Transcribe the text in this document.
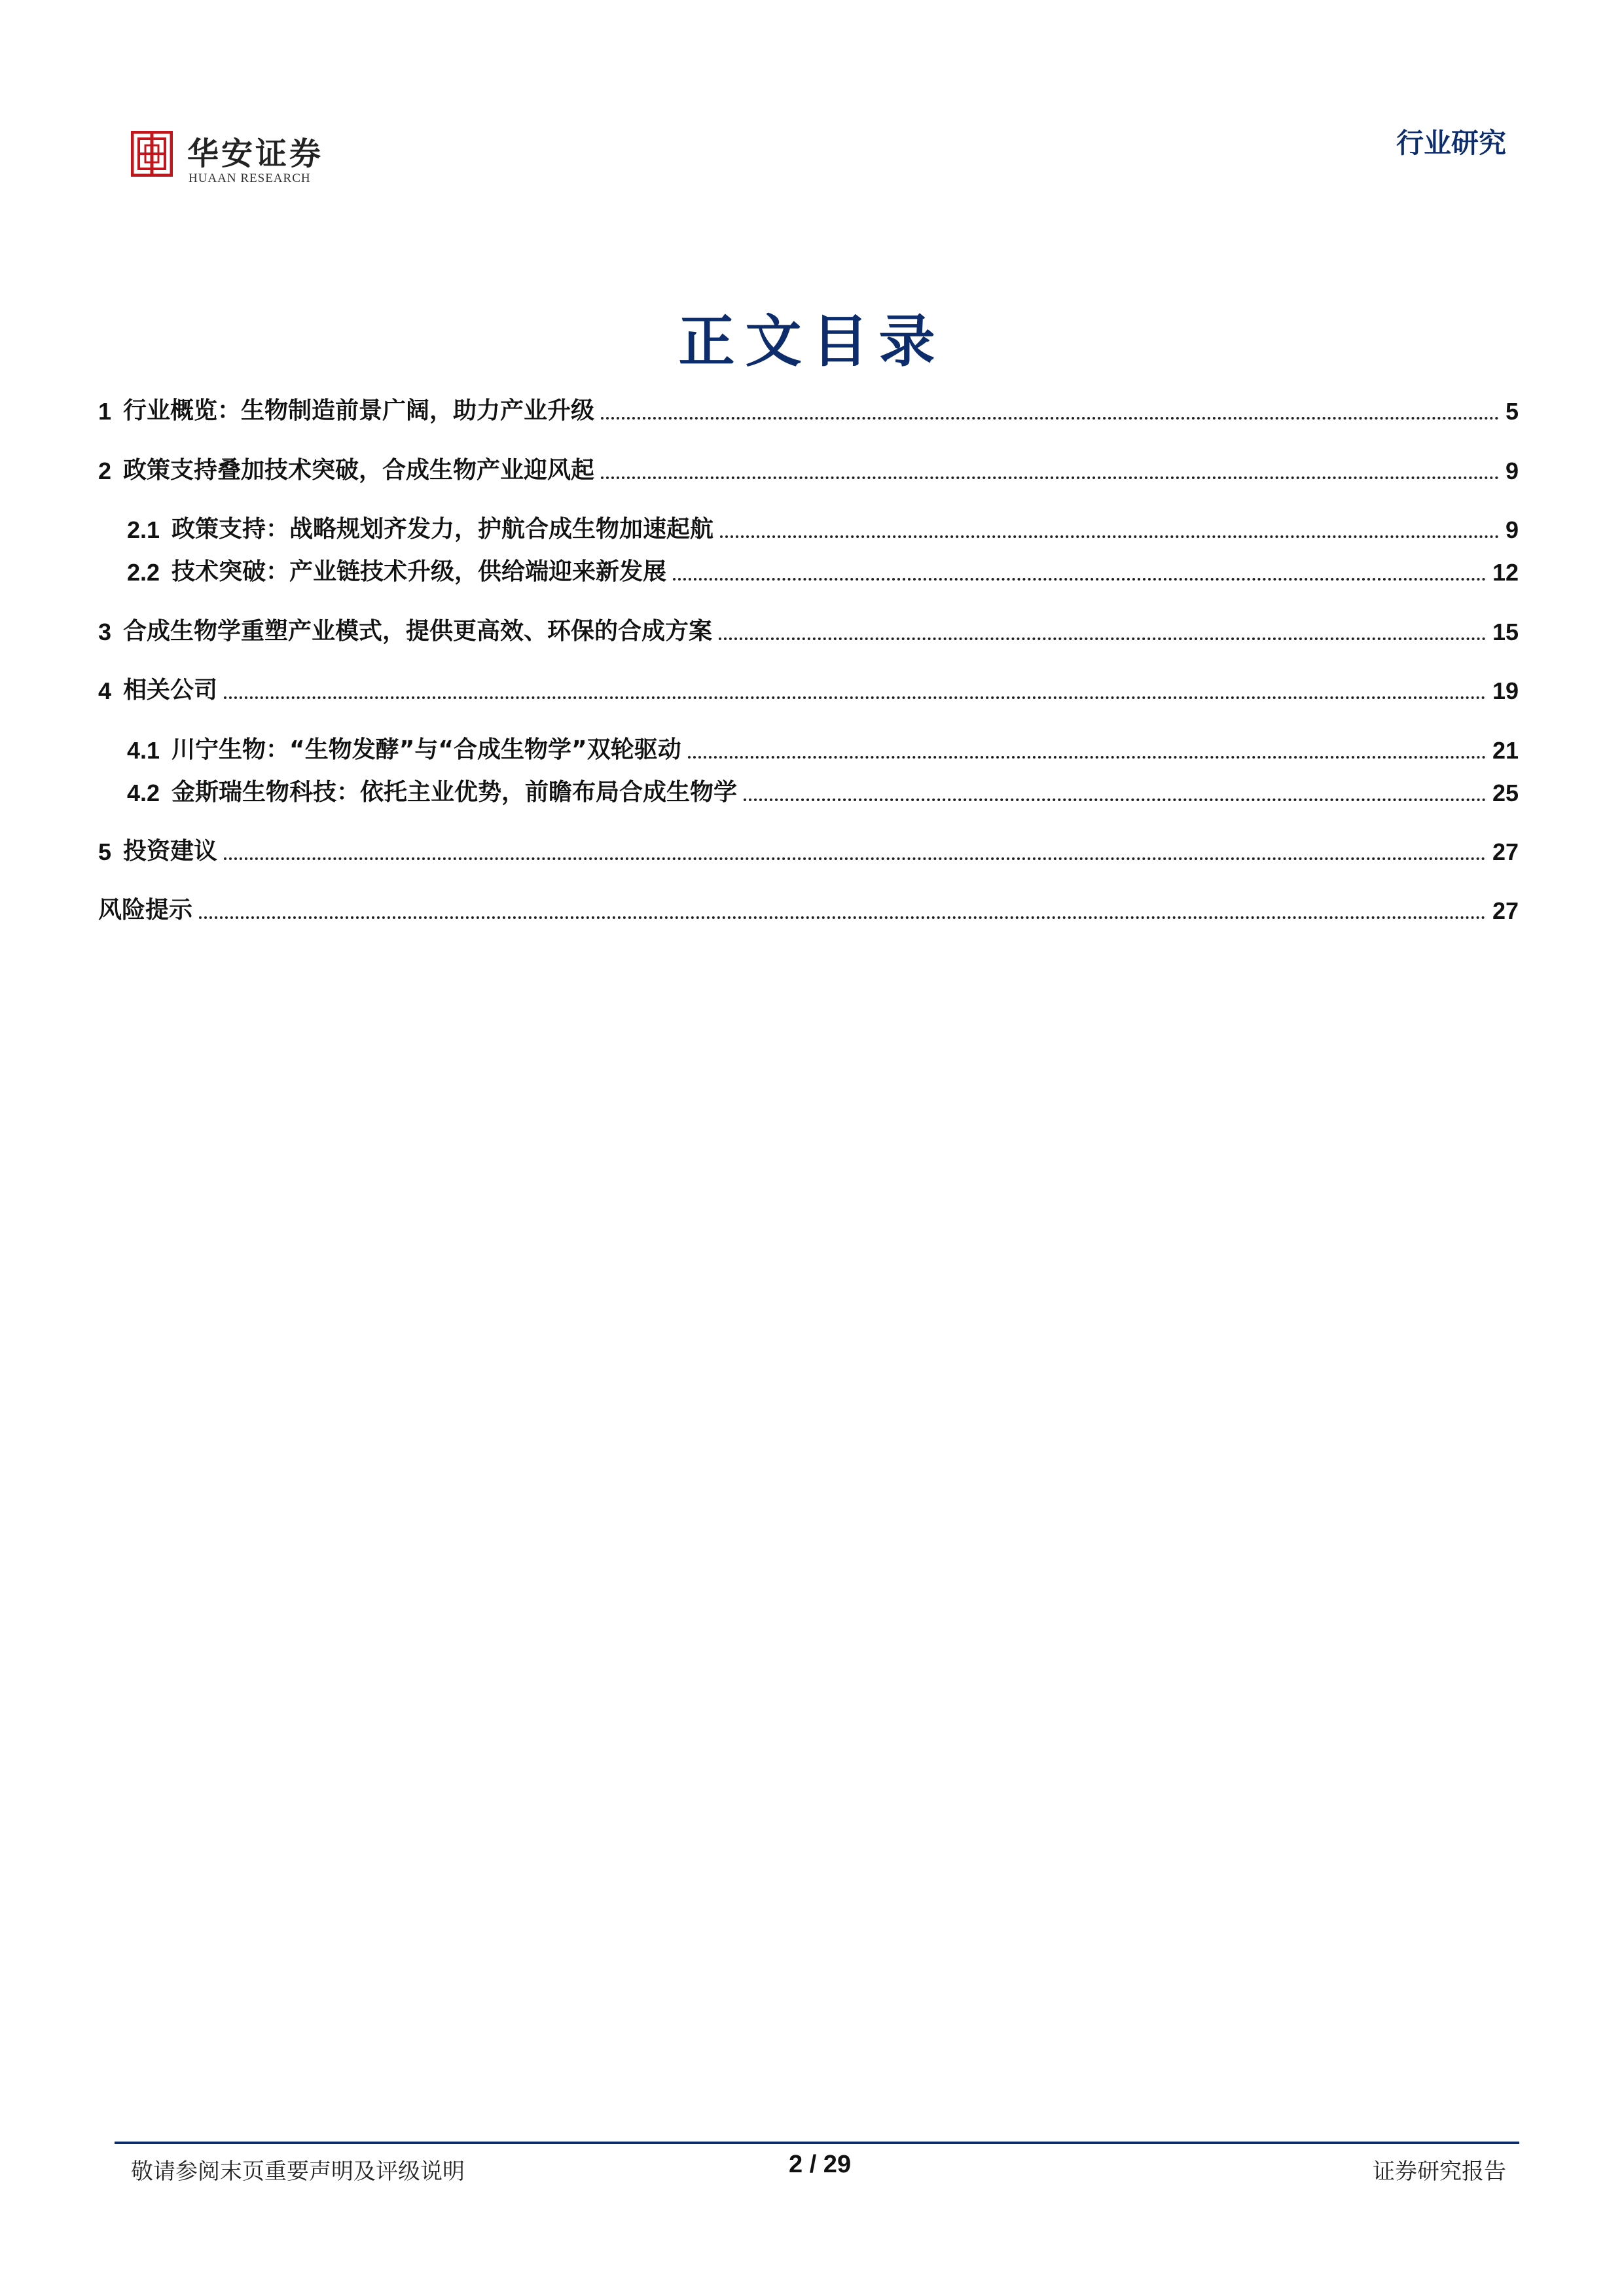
华安证券
HUAAN RESEARCH
行业研究
正文目录
1 行业概览：生物制造前景广阔，助力产业升级	5
2 政策支持叠加技术突破，合成生物产业迎风起	9
2.1 政策支持：战略规划齐发力，护航合成生物加速起航	9
2.2 技术突破：产业链技术升级，供给端迎来新发展	12
3 合成生物学重塑产业模式，提供更高效、环保的合成方案	15
4 相关公司	19
4.1 川宁生物：“生物发酵”与“合成生物学”双轮驱动	21
4.2 金斯瑞生物科技：依托主业优势，前瞻布局合成生物学	25
5 投资建议	27
风险提示	27
敬请参阅末页重要声明及评级说明	2 / 29	证券研究报告
